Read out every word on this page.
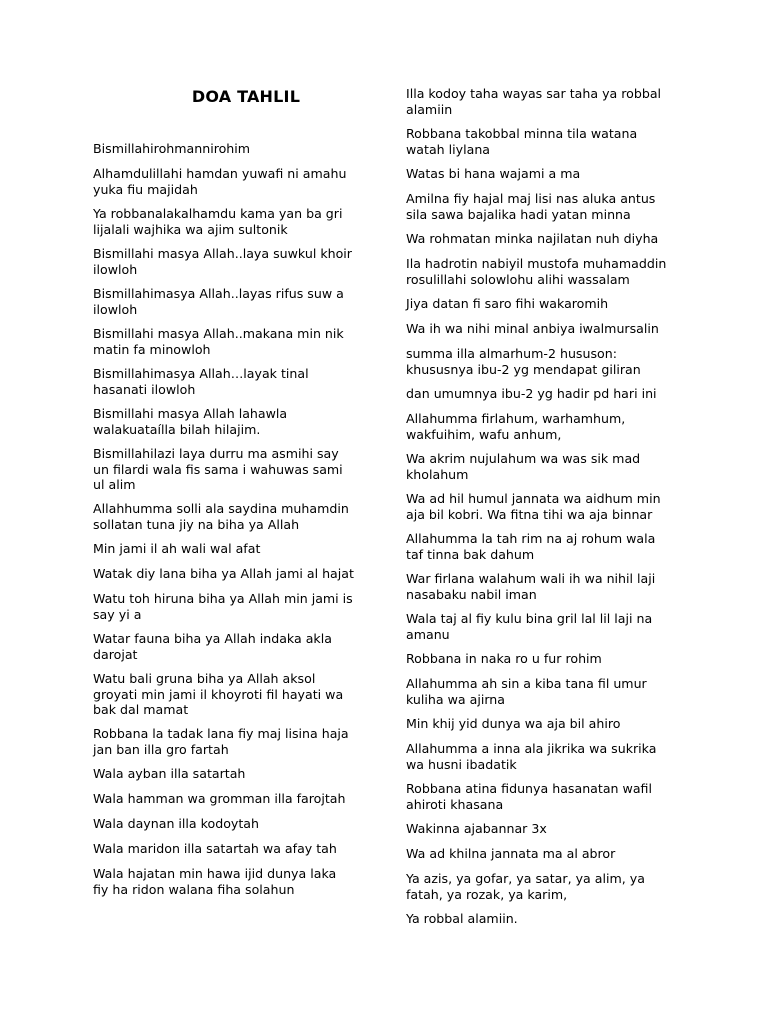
DOA TAHLIL

Bismillahirohmannirohim

Alhamdulillahi hamdan yuwafi ni amahu
yuka fiu majidah

Ya robbanalakalhamdu kama yan ba gri
lijalali wajhika wa ajim sultonik

Bismillahi masya Allah..laya suwkul khoir
ilowloh

Bismillahimasya Allah..layas rifus suw a
ilowloh

Bismillahi masya Allah..makana min nik
matin fa minowloh

Bismillahimasya Allah…layak tinal
hasanati ilowloh

Bismillahi masya Allah lahawla
walakuataílla bilah hilajim.

Bismillahilazi laya durru ma asmihi say
un filardi wala fis sama i wahuwas sami
ul alim

Allahhumma solli ala saydina muhamdin
sollatan tuna jiy na biha ya Allah

Min jami il ah wali wal afat

Watak diy lana biha ya Allah jami al hajat

Watu toh hiruna biha ya Allah min jami is
say yi a

Watar fauna biha ya Allah indaka akla
darojat

Watu bali gruna biha ya Allah aksol
groyati min jami il khoyroti fil hayati wa
bak dal mamat

Robbana la tadak lana fiy maj lisina haja
jan ban illa gro fartah

Wala ayban illa satartah

Wala hamman wa gromman illa farojtah

Wala daynan illa kodoytah

Wala maridon illa satartah wa afay tah

Wala hajatan min hawa ijid dunya laka
fiy ha ridon walana fiha solahun

Illa kodoy taha wayas sar taha ya robbal
alamiin

Robbana takobbal minna tila watana
watah liylana

Watas bi hana wajami a ma

Amilna fiy hajal maj lisi nas aluka antus
sila sawa bajalika hadi yatan minna

Wa rohmatan minka najilatan nuh diyha

Ila hadrotin nabiyil mustofa muhamaddin
rosulillahi solowlohu alihi wassalam

Jiya datan fi saro fihi wakaromih

Wa ih wa nihi minal anbiya iwalmursalin

summa illa almarhum-2 hususon:
khususnya ibu-2 yg mendapat giliran

dan umumnya ibu-2 yg hadir pd hari ini

Allahumma firlahum, warhamhum,
wakfuihim, wafu anhum,

Wa akrim nujulahum wa was sik mad
kholahum

Wa ad hil humul jannata wa aidhum min
aja bil kobri. Wa fitna tihi wa aja binnar

Allahumma la tah rim na aj rohum wala
taf tinna bak dahum

War firlana walahum wali ih wa nihil laji
nasabaku nabil iman

Wala taj al fiy kulu bina gril lal lil laji na
amanu

Robbana in naka ro u fur rohim

Allahumma ah sin a kiba tana fil umur
kuliha wa ajirna

Min khij yid dunya wa aja bil ahiro

Allahumma a inna ala jikrika wa sukrika
wa husni ibadatik

Robbana atina fidunya hasanatan wafil
ahiroti khasana

Wakinna ajabannar 3x

Wa ad khilna jannata ma al abror

Ya azis, ya gofar, ya satar, ya alim, ya
fatah, ya rozak, ya karim,

Ya robbal alamiin.
